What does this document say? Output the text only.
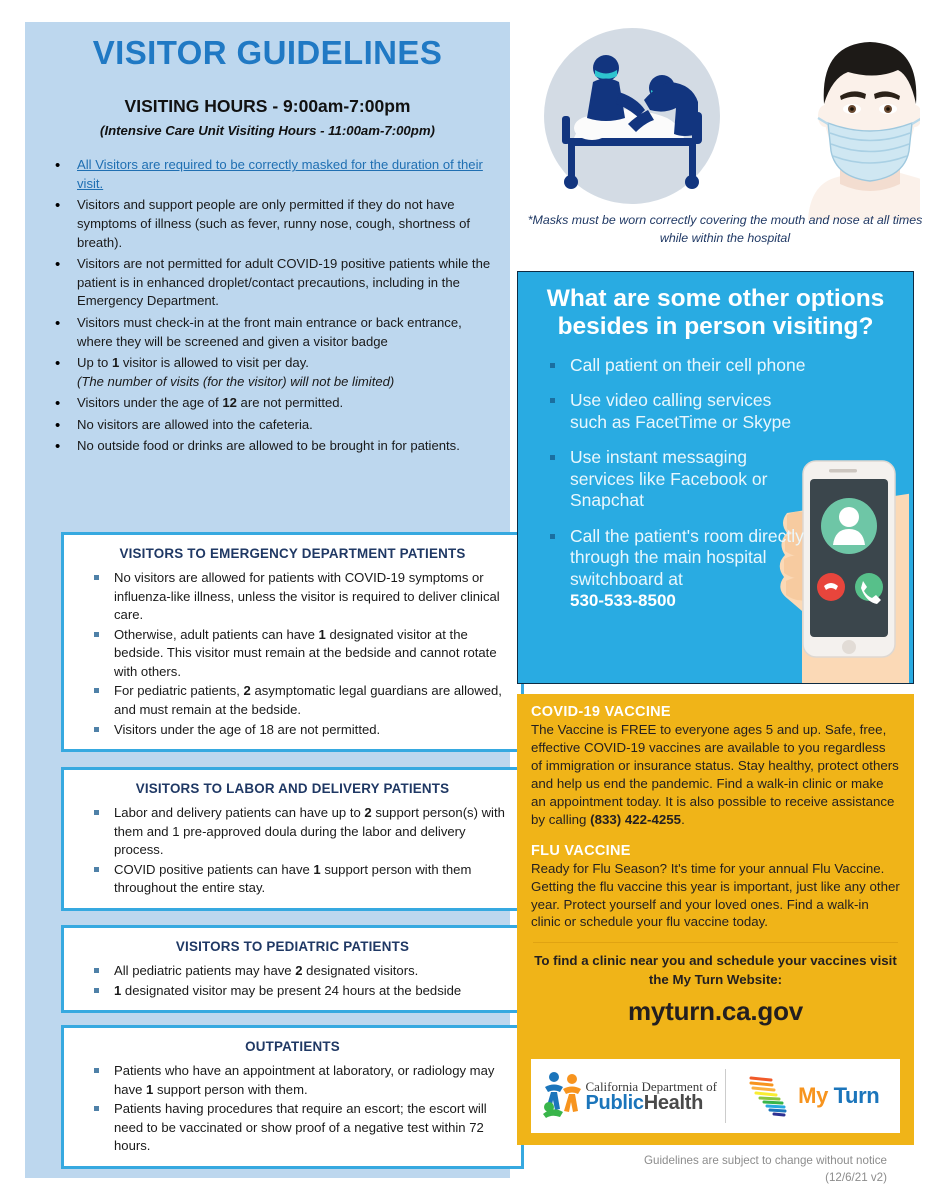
VISITOR GUIDELINES
VISITING HOURS - 9:00am-7:00pm
(Intensive Care Unit Visiting Hours - 11:00am-7:00pm)
• All Visitors are required to be correctly masked for the duration of their visit.
• Visitors and support people are only permitted if they do not have symptoms of illness (such as fever, runny nose, cough, shortness of breath).
• Visitors are not permitted for adult COVID-19 positive patients while the patient is in enhanced droplet/contact precautions, including in the Emergency Department.
• Visitors must check-in at the front main entrance or back entrance, where they will be screened and given a visitor badge
• Up to 1 visitor is allowed to visit per day.
(The number of visits (for the visitor) will not be limited)
• Visitors under the age of 12 are not permitted.
• No visitors are allowed into the cafeteria.
• No outside food or drinks are allowed to be brought in for patients.
VISITORS TO EMERGENCY DEPARTMENT PATIENTS
No visitors are allowed for patients with COVID-19 symptoms or influenza-like illness, unless the visitor is required to deliver clinical care.
Otherwise, adult patients can have 1 designated visitor at the bedside. This visitor must remain at the bedside and cannot rotate with others.
For pediatric patients, 2 asymptomatic legal guardians are allowed, and must remain at the bedside.
Visitors under the age of 18 are not permitted.
VISITORS TO LABOR AND DELIVERY PATIENTS
Labor and delivery patients can have up to 2 support person(s) with them and 1 pre-approved doula during the labor and delivery process.
COVID positive patients can have 1 support person with them throughout the entire stay.
VISITORS TO PEDIATRIC PATIENTS
All pediatric patients may have 2 designated visitors.
1 designated visitor may be present 24 hours at the bedside
OUTPATIENTS
Patients who have an appointment at laboratory, or radiology may have 1 support person with them.
Patients having procedures that require an escort; the escort will need to be vaccinated or show proof of a negative test within 72 hours.
*Masks must be worn correctly covering the mouth and nose at all times while within the hospital
What are some other options besides in person visiting?
Call patient on their cell phone
Use video calling services such as FacetTime or Skype
Use instant messaging services like Facebook or Snapchat
Call the patient's room directly through the main hospital switchboard at
530-533-8500
COVID-19 VACCINE

The Vaccine is FREE to everyone ages 5 and up. Safe, free, effective COVID-19 vaccines are available to you regardless of immigration or insurance status. Stay healthy, protect others and help us end the pandemic. Find a walk-in clinic or make an appointment today. It is also possible to receive assistance by calling (833) 422-4255.

FLU VACCINE

Ready for Flu Season? It's time for your annual Flu Vaccine. Getting the flu vaccine this year is important, just like any other year. Protect yourself and your loved ones. Find a walk-in clinic or schedule your flu vaccine today.

To find a clinic near you and schedule your vaccines visit the My Turn Website:
myturn.ca.gov
California Department of
PublicHealth	My Turn
Guidelines are subject to change without notice
(12/6/21 v2)
